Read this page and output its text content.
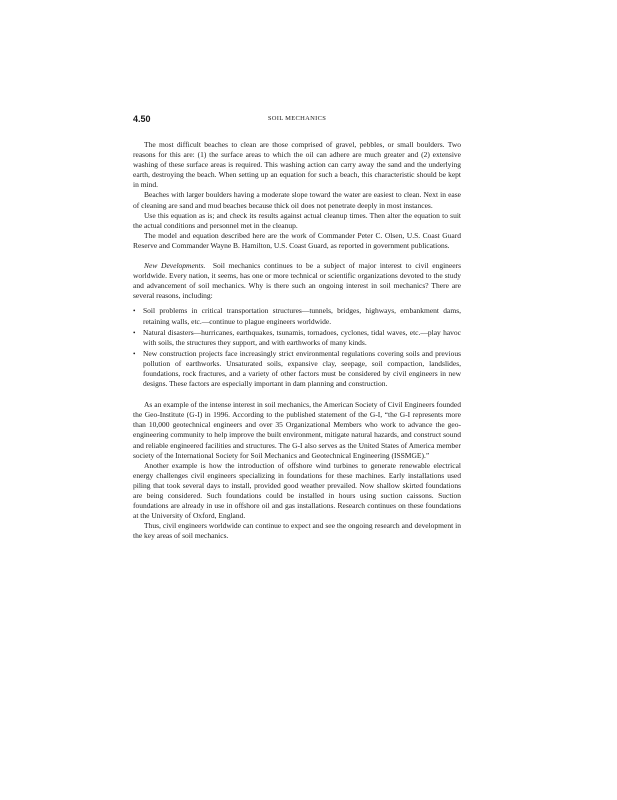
4.50	SOIL MECHANICS

The most difficult beaches to clean are those comprised of gravel, pebbles, or small boulders. Two reasons for this are: (1) the surface areas to which the oil can adhere are much greater and (2) extensive washing of these surface areas is required. This washing action can carry away the sand and the underlying earth, destroying the beach. When setting up an equation for such a beach, this characteristic should be kept in mind.

Beaches with larger boulders having a moderate slope toward the water are easiest to clean. Next in ease of cleaning are sand and mud beaches because thick oil does not penetrate deeply in most instances.

Use this equation as is; and check its results against actual cleanup times. Then alter the equation to suit the actual conditions and personnel met in the cleanup.

The model and equation described here are the work of Commander Peter C. Olsen, U.S. Coast Guard Reserve and Commander Wayne B. Hamilton, U.S. Coast Guard, as reported in government publications.

New Developments. Soil mechanics continues to be a subject of major interest to civil engineers worldwide. Every nation, it seems, has one or more technical or scientific organizations devoted to the study and advancement of soil mechanics. Why is there such an ongoing interest in soil mechanics? There are several reasons, including:

• Soil problems in critical transportation structures—tunnels, bridges, highways, embankment dams, retaining walls, etc.—continue to plague engineers worldwide.
• Natural disasters—hurricanes, earthquakes, tsunamis, tornadoes, cyclones, tidal waves, etc.—play havoc with soils, the structures they support, and with earthworks of many kinds.
• New construction projects face increasingly strict environmental regulations covering soils and previous pollution of earthworks. Unsaturated soils, expansive clay, seepage, soil compaction, landslides, foundations, rock fractures, and a variety of other factors must be considered by civil engineers in new designs. These factors are especially important in dam planning and construction.

As an example of the intense interest in soil mechanics, the American Society of Civil Engineers founded the Geo-Institute (G-I) in 1996. According to the published statement of the G-I, “the G-I represents more than 10,000 geotechnical engineers and over 35 Organizational Members who work to advance the geo-engineering community to help improve the built environment, mitigate natural hazards, and construct sound and reliable engineered facilities and structures. The G-I also serves as the United States of America member society of the International Society for Soil Mechanics and Geotechnical Engineering (ISSMGE).”

Another example is how the introduction of offshore wind turbines to generate renewable electrical energy challenges civil engineers specializing in foundations for these machines. Early installations used piling that took several days to install, provided good weather prevailed. Now shallow skirted foundations are being considered. Such foundations could be installed in hours using suction caissons. Suction foundations are already in use in offshore oil and gas installations. Research continues on these foundations at the University of Oxford, England.

Thus, civil engineers worldwide can continue to expect and see the ongoing research and development in the key areas of soil mechanics.
